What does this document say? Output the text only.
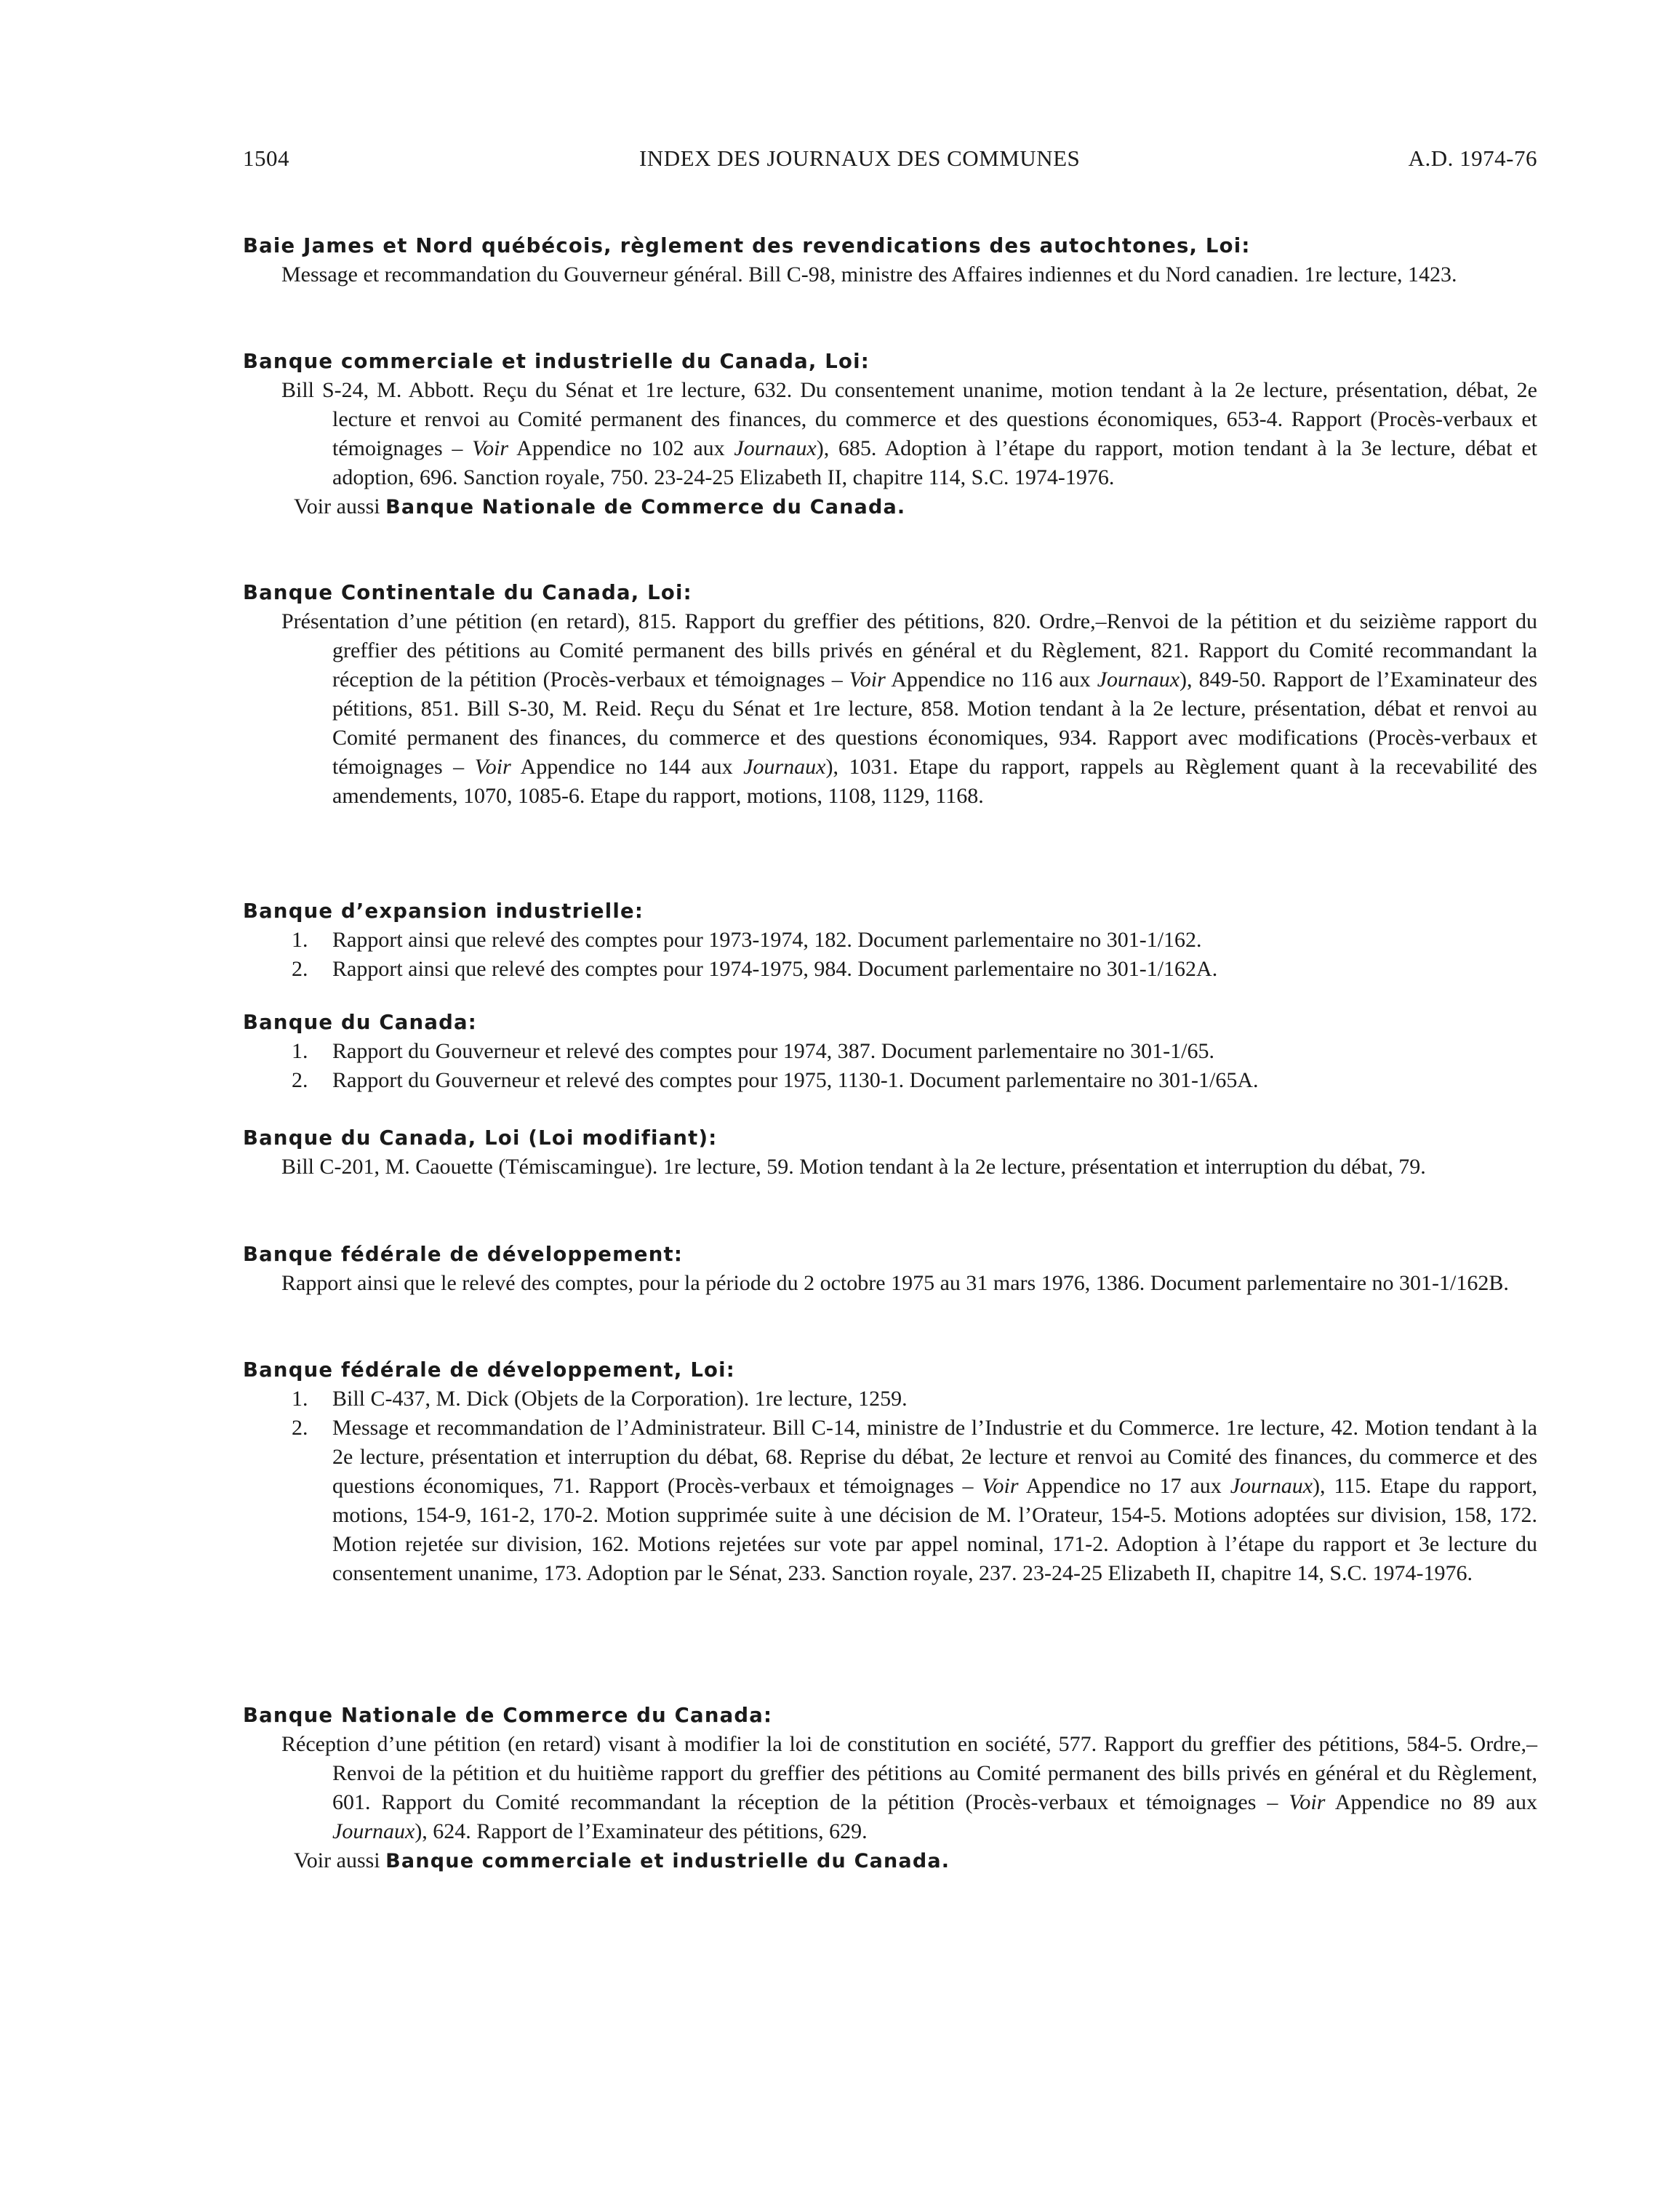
1504	INDEX DES JOURNAUX DES COMMUNES	A.D. 1974-76

Baie James et Nord québécois, règlement des revendications des autochtones, Loi:

Message et recommandation du Gouverneur général. Bill C-98, ministre des Affaires indiennes et du Nord canadien. 1re lecture, 1423.

Banque commerciale et industrielle du Canada, Loi:

Bill S-24, M. Abbott. Reçu du Sénat et 1re lecture, 632. Du consentement unanime, motion tendant à la 2e lecture, présentation, débat, 2e lecture et renvoi au Comité permanent des finances, du commerce et des questions économiques, 653-4. Rapport (Procès-verbaux et témoignages – Voir Appendice no 102 aux Journaux), 685. Adoption à l’étape du rapport, motion tendant à la 3e lecture, débat et adoption, 696. Sanction royale, 750. 23-24-25 Elizabeth II, chapitre 114, S.C. 1974-1976.

Voir aussi Banque Nationale de Commerce du Canada.

Banque Continentale du Canada, Loi:

Présentation d’une pétition (en retard), 815. Rapport du greffier des pétitions, 820. Ordre,–Renvoi de la pétition et du seizième rapport du greffier des pétitions au Comité permanent des bills privés en général et du Règlement, 821. Rapport du Comité recommandant la réception de la pétition (Procès-verbaux et témoignages – Voir Appendice no 116 aux Journaux), 849-50. Rapport de l’Examinateur des pétitions, 851. Bill S-30, M. Reid. Reçu du Sénat et 1re lecture, 858. Motion tendant à la 2e lecture, présentation, débat et renvoi au Comité permanent des finances, du commerce et des questions économiques, 934. Rapport avec modifications (Procès-verbaux et témoignages – Voir Appendice no 144 aux Journaux), 1031. Etape du rapport, rappels au Règlement quant à la recevabilité des amendements, 1070, 1085-6. Etape du rapport, motions, 1108, 1129, 1168.

Banque d’expansion industrielle:

1. Rapport ainsi que relevé des comptes pour 1973-1974, 182. Document parlementaire no 301-1/162.
2. Rapport ainsi que relevé des comptes pour 1974-1975, 984. Document parlementaire no 301-1/162A.

Banque du Canada:

1. Rapport du Gouverneur et relevé des comptes pour 1974, 387. Document parlementaire no 301-1/65.
2. Rapport du Gouverneur et relevé des comptes pour 1975, 1130-1. Document parlementaire no 301-1/65A.

Banque du Canada, Loi (Loi modifiant):

Bill C-201, M. Caouette (Témiscamingue). 1re lecture, 59. Motion tendant à la 2e lecture, présentation et interruption du débat, 79.

Banque fédérale de développement:

Rapport ainsi que le relevé des comptes, pour la période du 2 octobre 1975 au 31 mars 1976, 1386. Document parlementaire no 301-1/162B.

Banque fédérale de développement, Loi:

1. Bill C-437, M. Dick (Objets de la Corporation). 1re lecture, 1259.
2. Message et recommandation de l’Administrateur. Bill C-14, ministre de l’Industrie et du Commerce. 1re lecture, 42. Motion tendant à la 2e lecture, présentation et interruption du débat, 68. Reprise du débat, 2e lecture et renvoi au Comité des finances, du commerce et des questions économiques, 71. Rapport (Procès-verbaux et témoignages – Voir Appendice no 17 aux Journaux), 115. Etape du rapport, motions, 154-9, 161-2, 170-2. Motion supprimée suite à une décision de M. l’Orateur, 154-5. Motions adoptées sur division, 158, 172. Motion rejetée sur division, 162. Motions rejetées sur vote par appel nominal, 171-2. Adoption à l’étape du rapport et 3e lecture du consentement unanime, 173. Adoption par le Sénat, 233. Sanction royale, 237. 23-24-25 Elizabeth II, chapitre 14, S.C. 1974-1976.

Banque Nationale de Commerce du Canada:

Réception d’une pétition (en retard) visant à modifier la loi de constitution en société, 577. Rapport du greffier des pétitions, 584-5. Ordre,–Renvoi de la pétition et du huitième rapport du greffier des pétitions au Comité permanent des bills privés en général et du Règlement, 601. Rapport du Comité recommandant la réception de la pétition (Procès-verbaux et témoignages – Voir Appendice no 89 aux Journaux), 624. Rapport de l’Examinateur des pétitions, 629.

Voir aussi Banque commerciale et industrielle du Canada.
